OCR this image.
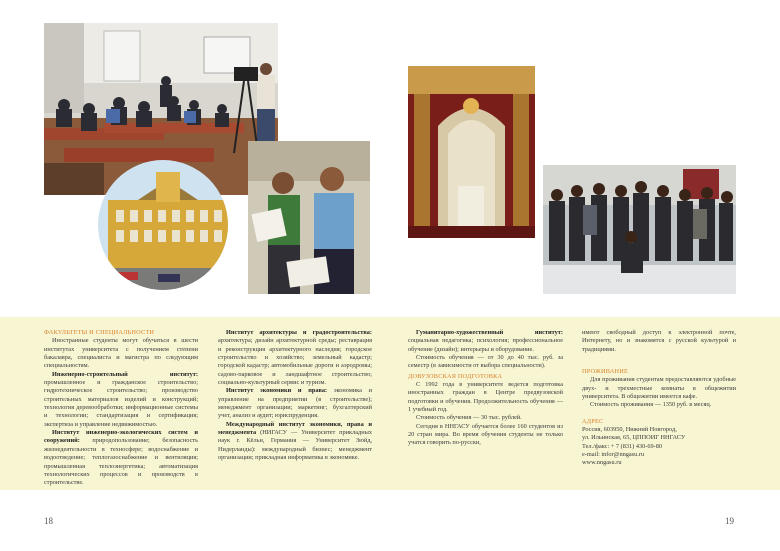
ФАКУЛЬТЕТЫ И СПЕЦИАЛЬНОСТИ

Иностранные студенты могут обучаться в шести институтах университета с получением степени бакалавра, специалиста и магистра по следующим специальностям.

Инженерно-строительный институт: промышленное и гражданское строительство; гидротехническое строительство; производство строительных материалов изделий и конструкций; технология деревообработки; информационные системы и технологии; стандартизация и сертификация; экспертиза и управление недвижимостью.

Институт инженерно-экологических систем и сооружений: природопользование; безопасность жизнедеятельности в техносфере; водоснабжение и водоотведение; теплогазоснабжение и вентиляция; промышленная теплоэнергетика; автоматизация технологических процессов и производств в строительстве.

Институт архитектуры и градостроительства: архитектура; дизайн архитектурной среды; реставрация и реконструкция архитектурного наследия; городское строительство и хозяйство; земельный кадастр; городской кадастр; автомобильные дороги и аэродромы; садово-парковое и ландшафтное строительство; социально-культурный сервис и туризм.

Институт экономики и права: экономика и управление на предприятии (в строительстве); менеджмент организации; маркетинг; бухгалтерский учет, анализ и аудит; юриспруденция.

Международный институт экономики, права и менеджмента (НИГАСУ — Университет прикладных наук г. Кёльн, Германия — Университет Зюйд, Нидерланды): международный бизнес; менеджмент организации; прикладная информатика в экономике.

Гуманитарно-художественный институт: социальная педагогика; психология; профессиональное обучение (дизайн); интерьеры и оборудование.

Стоимость обучения — от 30 до 40 тыс. руб. за семестр (в зависимости от выбора специальности).

ДОВУЗОВСКАЯ ПОДГОТОВКА

С 1992 года в университете ведется подготовка иностранных граждан в Центре предвузовской подготовки и обучения. Продолжительность обучения — 1 учебный год.

Стоимость обучения — 30 тыс. рублей.

Сегодня в ННГАСУ обучается более 160 студентов из 20 стран мира. Во время обучения студенты не только учатся говорить по-русски,

имеют свободный доступ к электронной почте, Интернету, но и знакомятся с русской культурой и традициями.

ПРОЖИВАНИЕ

Для проживания студентам предоставляются удобные двух- и трехместные комнаты в общежитии университета. В общежитии имеется кафе.

Стоимость проживания — 1350 руб. в месяц.

АДРЕС

Россия, 603950, Нижний Новгород,

ул. Ильинская, 65, ЦППОИГ ННГАСУ

Тел./факс: + 7 (831) 430-69-80

e-mail: infor@nngasu.ru

www.nngasu.ru

18	19
